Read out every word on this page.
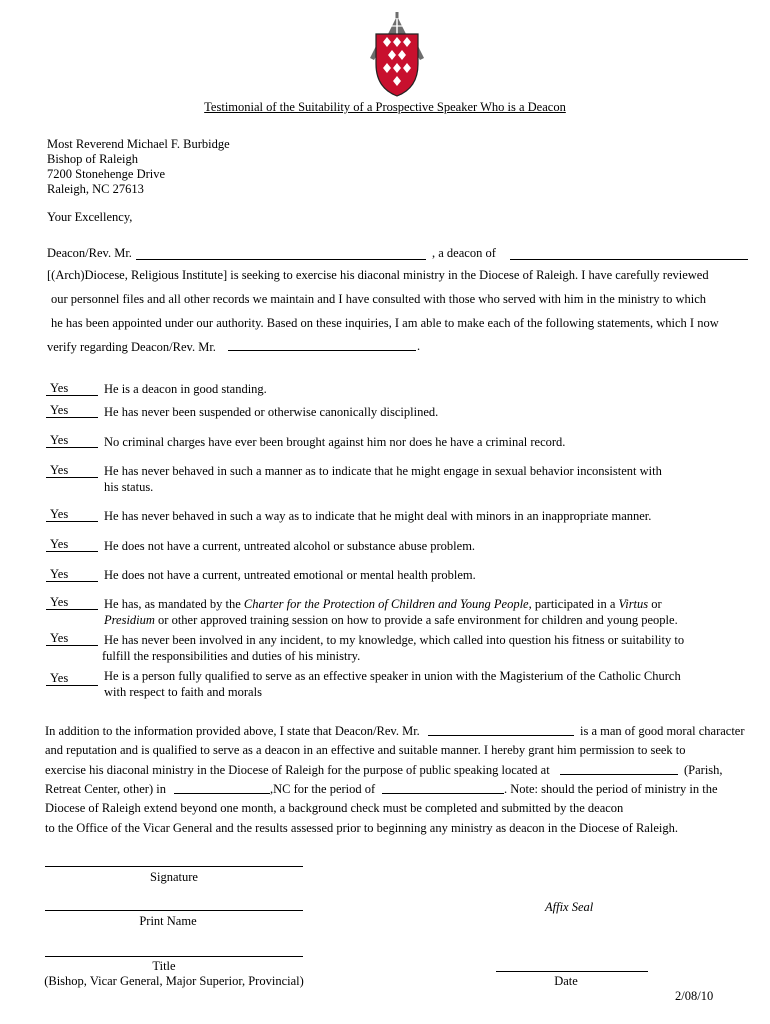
Testimonial of the Suitability of a Prospective Speaker Who is a Deacon
Most Reverend Michael F. Burbidge
Bishop of Raleigh
7200 Stonehenge Drive
Raleigh, NC 27613
Your Excellency,
Deacon/Rev. Mr.	, a deacon of
[(Arch)Diocese, Religious Institute] is seeking to exercise his diaconal ministry in the Diocese of Raleigh. I have carefully reviewed
our personnel files and all other records we maintain and I have consulted with those who served with him in the ministry to which
he has been appointed under our authority. Based on these inquiries, I am able to make each of the following statements, which I now
verify regarding Deacon/Rev. Mr.	.
Yes	He is a deacon in good standing.
Yes	He has never been suspended or otherwise canonically disciplined.
Yes	No criminal charges have ever been brought against him nor does he have a criminal record.
Yes	He has never behaved in such a manner as to indicate that he might engage in sexual behavior inconsistent with
his status.
Yes	He has never behaved in such a way as to indicate that he might deal with minors in an inappropriate manner.
Yes	He does not have a current, untreated alcohol or substance abuse problem.
Yes	He does not have a current, untreated emotional or mental health problem.
Yes	He has, as mandated by the Charter for the Protection of Children and Young People, participated in a Virtus or
Presidium or other approved training session on how to provide a safe environment for children and young people.
Yes	He has never been involved in any incident, to my knowledge, which called into question his fitness or suitability to
fulfill the responsibilities and duties of his ministry.
Yes	He is a person fully qualified to serve as an effective speaker in union with the Magisterium of the Catholic Church
with respect to faith and morals
In addition to the information provided above, I state that Deacon/Rev. Mr.	is a man of good moral character
and reputation and is qualified to serve as a deacon in an effective and suitable manner. I hereby grant him permission to seek to
exercise his diaconal ministry in the Diocese of Raleigh for the purpose of public speaking located at	(Parish,
Retreat Center, other) in	,NC for the period of	. Note: should the period of ministry in the
Diocese of Raleigh extend beyond one month, a background check must be completed and submitted by the deacon
to the Office of the Vicar General and the results assessed prior to beginning any ministry as deacon in the Diocese of Raleigh.
Signature
Affix Seal
Print Name
Title
(Bishop, Vicar General, Major Superior, Provincial)	Date
2/08/10
